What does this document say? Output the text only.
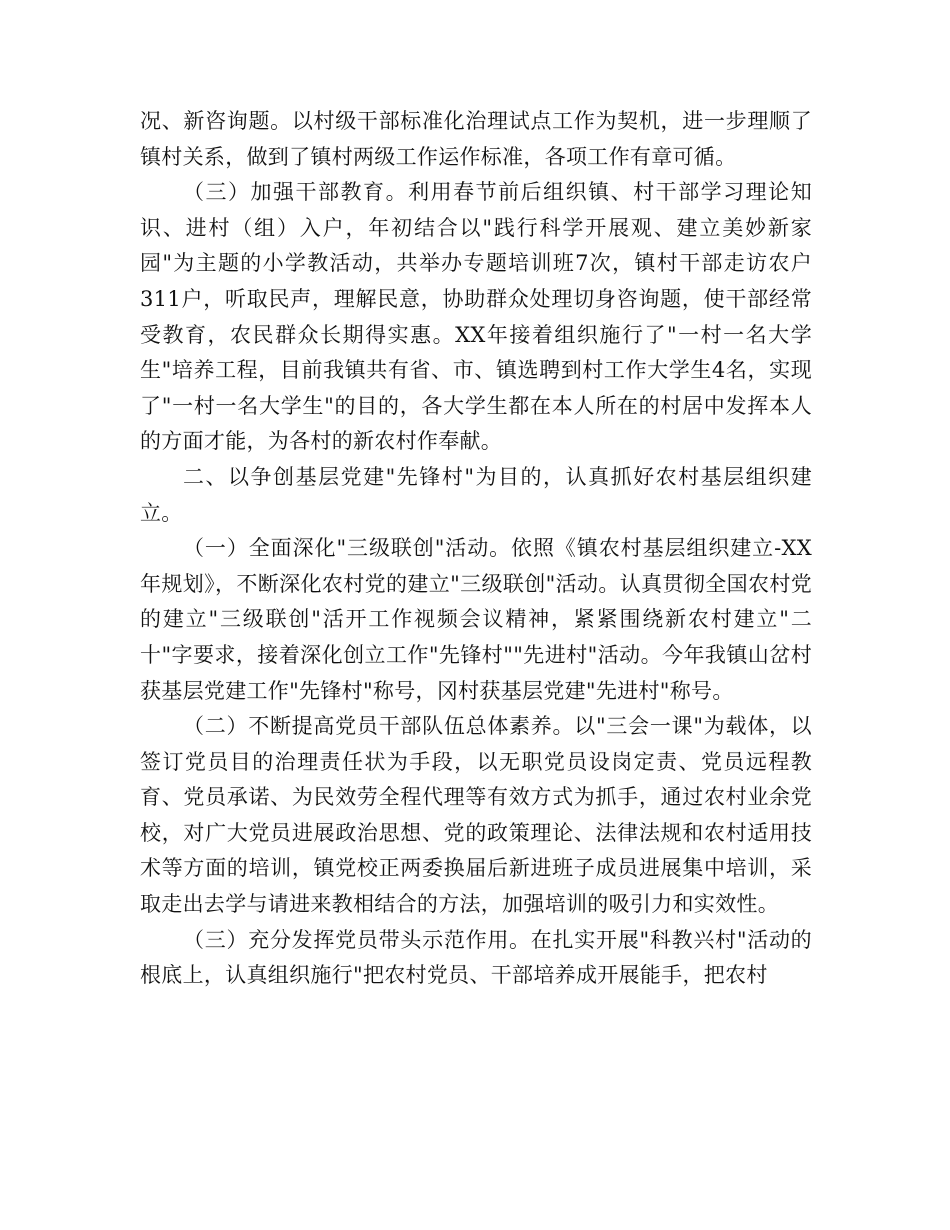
况、新咨询题。以村级干部标准化治理试点工作为契机，进一步理顺了镇村关系，做到了镇村两级工作运作标准，各项工作有章可循。

（三）加强干部教育。利用春节前后组织镇、村干部学习理论知识、进村（组）入户，年初结合以"践行科学开展观、建立美妙新家园"为主题的小学教活动，共举办专题培训班7次，镇村干部走访农户311户，听取民声，理解民意，协助群众处理切身咨询题，使干部经常受教育，农民群众长期得实惠。XX年接着组织施行了"一村一名大学生"培养工程，目前我镇共有省、市、镇选聘到村工作大学生4名，实现了"一村一名大学生"的目的，各大学生都在本人所在的村居中发挥本人的方面才能，为各村的新农村作奉献。

二、以争创基层党建"先锋村"为目的，认真抓好农村基层组织建立。

（一）全面深化"三级联创"活动。依照《镇农村基层组织建立-XX年规划》，不断深化农村党的建立"三级联创"活动。认真贯彻全国农村党的建立"三级联创"活开工作视频会议精神，紧紧围绕新农村建立"二十"字要求，接着深化创立工作"先锋村""先进村"活动。今年我镇山岔村获基层党建工作"先锋村"称号，冈村获基层党建"先进村"称号。

（二）不断提高党员干部队伍总体素养。以"三会一课"为载体，以签订党员目的治理责任状为手段，以无职党员设岗定责、党员远程教育、党员承诺、为民效劳全程代理等有效方式为抓手，通过农村业余党校，对广大党员进展政治思想、党的政策理论、法律法规和农村适用技术等方面的培训，镇党校正两委换届后新进班子成员进展集中培训，采取走出去学与请进来教相结合的方法，加强培训的吸引力和实效性。

（三）充分发挥党员带头示范作用。在扎实开展"科教兴村"活动的根底上，认真组织施行"把农村党员、干部培养成开展能手，把农村
